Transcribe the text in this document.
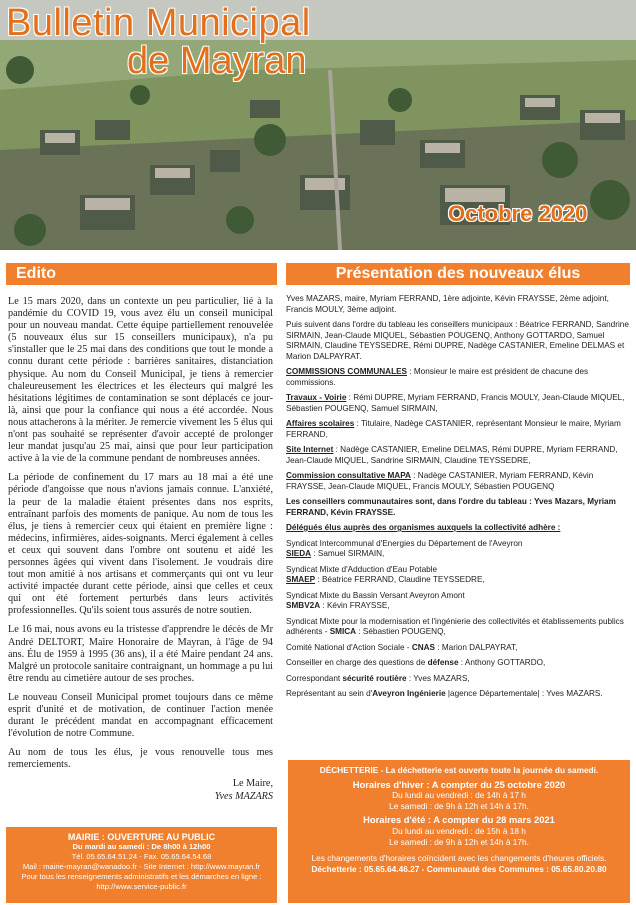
Bulletin Municipal
de Mayran
Octobre 2020
Edito	Présentation des nouveaux élus

Le 15 mars 2020, dans un contexte un peu particulier, lié à la pandémie du COVID 19, vous avez élu un conseil municipal pour un nouveau mandat. Cette équipe partiellement renouvelée (5 nouveaux élus sur 15 conseillers municipaux), n'a pu s'installer que le 25 mai dans des conditions que tout le monde a connu durant cette période : barrières sanitaires, distanciation physique. Au nom du Conseil Municipal, je tiens à remercier chaleureusement les électrices et les électeurs qui malgré les hésitations légitimes de contamination se sont déplacés ce jour-là, ainsi que pour la confiance qui nous a été accordée. Nous nous attacherons à la mériter. Je remercie vivement les 5 élus qui n'ont pas souhaité se représenter d'avoir accepté de prolonger leur mandat jusqu'au 25 mai, ainsi que pour leur participation active à la vie de la commune pendant de nombreuses années.

La période de confinement du 17 mars au 18 mai a été une période d'angoisse que nous n'avions jamais connue. L'anxiété, la peur de la maladie étaient présentes dans nos esprits, entraînant parfois des moments de panique. Au nom de tous les élus, je tiens à remercier ceux qui étaient en première ligne : médecins, infirmières, aides-soignants. Merci également à celles et ceux qui souvent dans l'ombre ont soutenu et aidé les personnes âgées qui vivent dans l'isolement. Je voudrais dire tout mon amitié à nos artisans et commerçants qui ont vu leur activité impactée durant cette période, ainsi que celles et ceux qui ont été fortement perturbés dans leurs activités professionnelles. Qu'ils soient tous assurés de notre soutien.

Le 16 mai, nous avons eu la tristesse d'apprendre le décès de Mr André DELTORT, Maire Honoraire de Mayran, à l'âge de 94 ans. Élu de 1959 à 1995 (36 ans), il a été Maire pendant 24 ans. Malgré un protocole sanitaire contraignant, un hommage a pu lui être rendu au cimetière autour de ses proches.

Le nouveau Conseil Municipal promet toujours dans ce même esprit d'unité et de motivation, de continuer l'action menée durant le précédent mandat en accompagnant efficacement l'évolution de notre Commune.

Au nom de tous les élus, je vous renouvelle tous mes remerciements.

Le Maire,
Yves MAZARS

Yves MAZARS, maire, Myriam FERRAND, 1ère adjointe, Kévin FRAYSSE, 2ème adjoint, Francis MOULY, 3ème adjoint.

Puis suivent dans l'ordre du tableau les conseillers municipaux : Béatrice FERRAND, Sandrine SIRMAIN, Jean-Claude MIQUEL, Sébastien POUGENQ, Anthony GOTTARDO, Samuel SIRMAIN, Claudine TEYSSEDRE, Rémi DUPRE, Nadège CASTANIER, Emeline DELMAS et Marion DALPAYRAT.

COMMISSIONS COMMUNALES : Monsieur le maire est président de chacune des commissions.

Travaux - Voirie : Rémi DUPRE, Myriam FERRAND, Francis MOULY, Jean-Claude MIQUEL, Sébastien POUGENQ, Samuel SIRMAIN,

Affaires scolaires : Titulaire, Nadège CASTANIER, représentant Monsieur le maire, Myriam FERRAND,

Site Internet : Nadège CASTANIER, Emeline DELMAS, Rémi DUPRE, Myriam FERRAND, Jean-Claude MIQUEL, Sandrine SIRMAIN, Claudine TEYSSEDRE,

Commission consultative MAPA : Nadège CASTANIER, Myriam FERRAND, Kévin FRAYSSE, Jean-Claude MIQUEL, Francis MOULY, Sébastien POUGENQ

Les conseillers communautaires sont, dans l'ordre du tableau : Yves Mazars, Myriam FERRAND, Kévin FRAYSSE.

Délégués élus auprès des organismes auxquels la collectivité adhère :

Syndicat Intercommunal d'Energies du Département de l'Aveyron
SIEDA : Samuel SIRMAIN,

Syndicat Mixte d'Adduction d'Eau Potable
SMAEP : Béatrice FERRAND, Claudine TEYSSEDRE,

Syndicat Mixte du Bassin Versant Aveyron Amont
SMBV2A : Kévin FRAYSSE,

Syndicat Mixte pour la modernisation et l'ingénierie des collectivités et établissements publics adhérents - SMICA : Sébastien POUGENQ,

Comité National d'Action Sociale - CNAS : Marion DALPAYRAT,

Conseiller en charge des questions de défense : Anthony GOTTARDO,

Correspondant sécurité routière : Yves MAZARS,

Représentant au sein d'Aveyron Ingénierie |agence Départementale| : Yves MAZARS.

MAIRIE : OUVERTURE AU PUBLIC
Du mardi au samedi : De 8h00 à 12h00
Tél. 05.65.64.51.24 - Fax. 05.65.64.54.68
Mail : mairie-mayran@wanadoo.fr - Site Internet : http://www.mayran.fr
Pour tous les renseignements administratifs et les démarches en ligne :
http://www.service-public.fr
DÉCHETTERIE - La déchetterie est ouverte toute la journée du samedi.
Horaires d'hiver : A compter du 25 octobre 2020
Du lundi au vendredi : de 14h à 17 h
Le samedi : de 9h à 12h et 14h à 17h.
Horaires d'été : A compter du 28 mars 2021
Du lundi au vendredi : de 15h à 18 h
Le samedi : de 9h à 12h et 14h à 17h.
Les changements d'horaires coïncident avec les changements d'heures officiels.
Déchetterie : 05.65.64.46.27 - Communauté des Communes : 05.65.80.20.80
